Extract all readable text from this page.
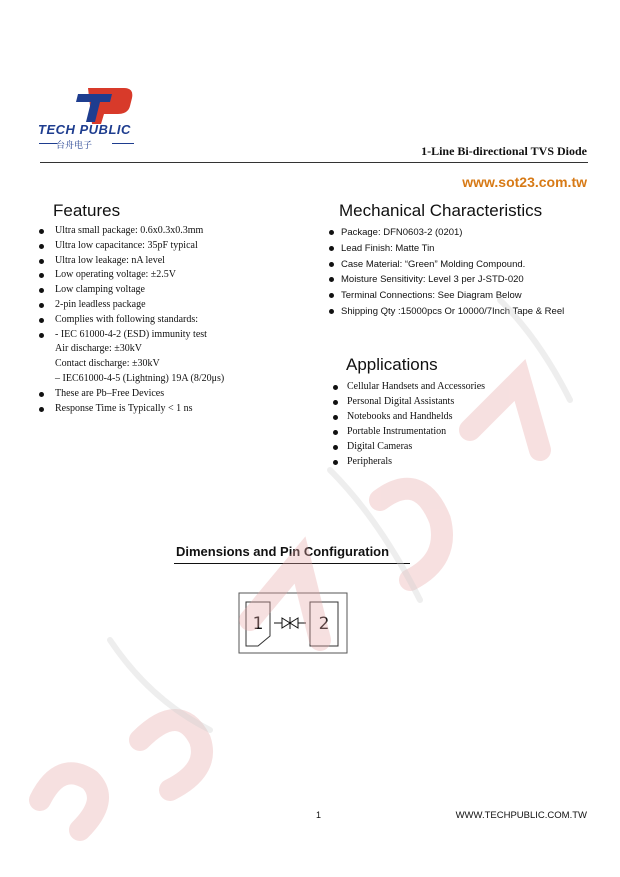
TECH PUBLIC
台舟电子	1-Line Bi-directional TVS Diode
www.sot23.com.tw
Features
Ultra small package: 0.6x0.3x0.3mm
Ultra low capacitance: 35pF typical
Ultra low leakage: nA level
Low operating voltage: ±2.5V
Low clamping voltage
2-pin leadless package
Complies with following standards:
- IEC 61000-4-2 (ESD) immunity test
Air discharge: ±30kV
Contact discharge: ±30kV
– IEC61000-4-5 (Lightning) 19A (8/20μs)
These are Pb–Free Devices
Response Time is Typically < 1 ns
Mechanical Characteristics
Package: DFN0603-2 (0201)
Lead Finish: Matte Tin
Case Material: “Green” Molding Compound.
Moisture Sensitivity: Level 3 per J-STD-020
Terminal Connections: See Diagram Below
Shipping Qty :15000pcs Or 10000/7Inch Tape & Reel
Applications
Cellular Handsets and Accessories
Personal Digital Assistants
Notebooks and Handhelds
Portable Instrumentation
Digital Cameras
Peripherals
Dimensions and Pin Configuration
1	2
1	WWW.TECHPUBLIC.COM.TW
